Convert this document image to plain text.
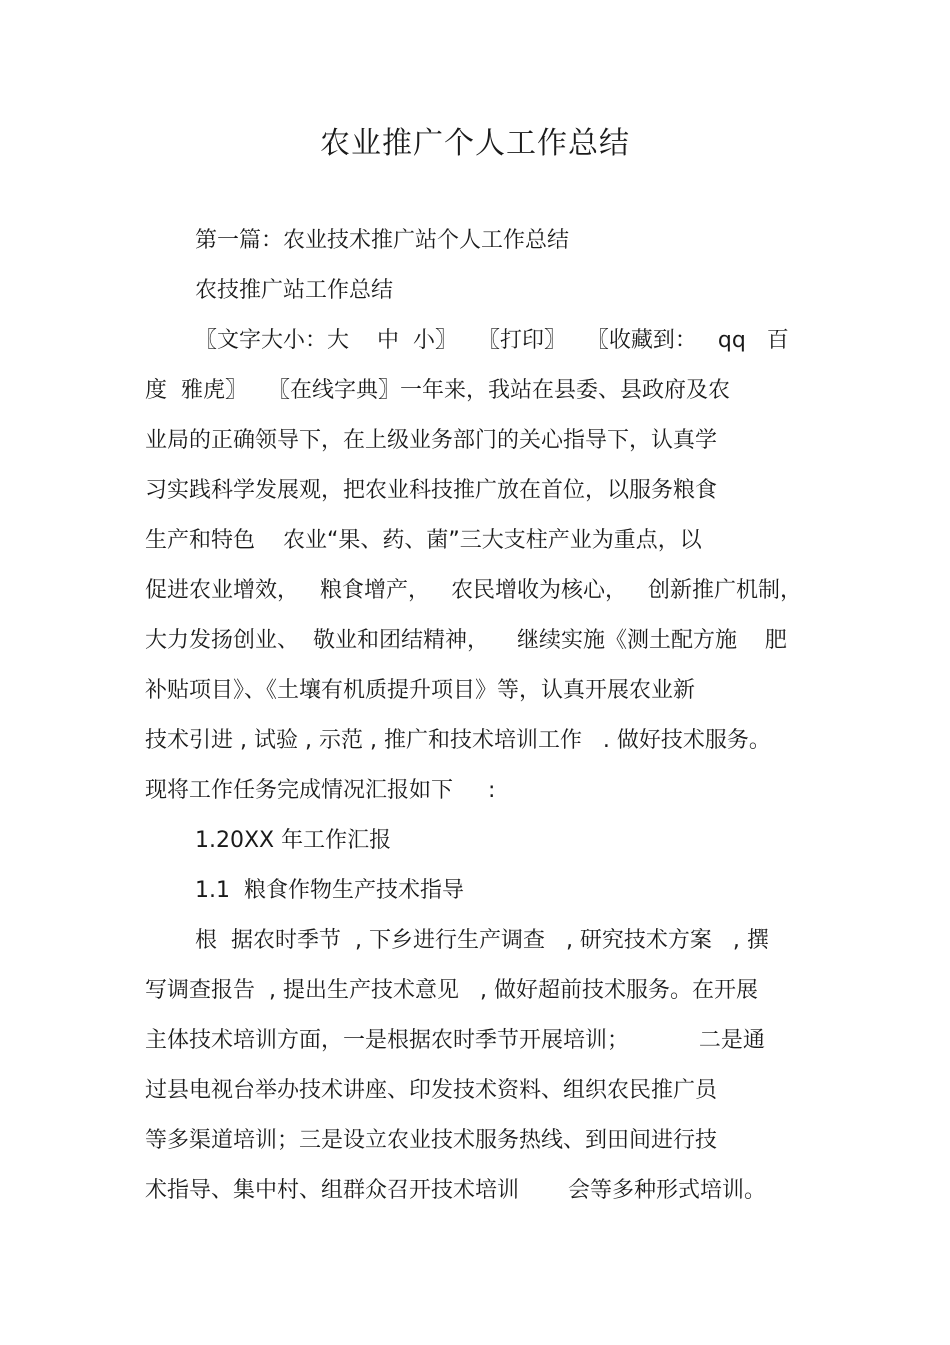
农业推广个人工作总结

第一篇：农业技术推广站个人工作总结

农技推广站工作总结

〖文字大小：大    中  小〗   〖打印〗   〖收藏到：   qq   百

度  雅虎〗   〖在线字典〗一年来，我站在县委、县政府及农

业局的正确领导下，在上级业务部门的关心指导下，认真学

习实践科学发展观，把农业科技推广放在首位，以服务粮食

生产和特色    农业“果、药、菌”三大支柱产业为重点，以

促进农业增效，   粮食增产，   农民增收为核心，   创新推广机制，

大力发扬创业、  敬业和团结精神，    继续实施《测土配方施    肥

补贴项目》、《土壤有机质提升项目》等，认真开展农业新

技术引进 , 试验 , 示范 , 推广和技术培训工作   . 做好技术服务。

现将工作任务完成情况汇报如下     :

1.20XX 年工作汇报

1.1  粮食作物生产技术指导

根  据农时季节  , 下乡进行生产调查   , 研究技术方案   , 撰

写调查报告  , 提出生产技术意见   , 做好超前技术服务。在开展

主体技术培训方面，一是根据农时季节开展培训；          二是通

过县电视台举办技术讲座、印发技术资料、组织农民推广员

等多渠道培训；三是设立农业技术服务热线、到田间进行技

术指导、集中村、组群众召开技术培训       会等多种形式培训。
